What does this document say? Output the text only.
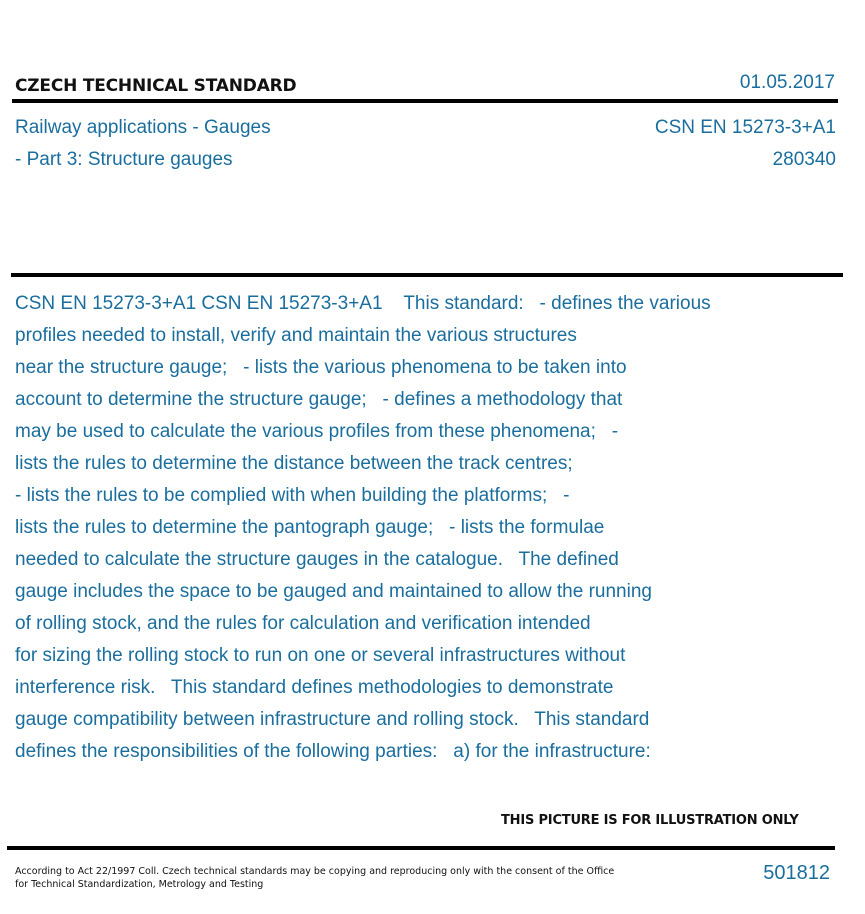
CZECH TECHNICAL STANDARD	01.05.2017
Railway applications - Gauges
- Part 3: Structure gauges
CSN EN 15273-3+A1
280340
CSN EN 15273-3+A1 CSN EN 15273-3+A1    This standard:   - defines the various
profiles needed to install, verify and maintain the various structures
near the structure gauge;   - lists the various phenomena to be taken into
account to determine the structure gauge;   - defines a methodology that
may be used to calculate the various profiles from these phenomena;   -
lists the rules to determine the distance between the track centres;
- lists the rules to be complied with when building the platforms;   -
lists the rules to determine the pantograph gauge;   - lists the formulae
needed to calculate the structure gauges in the catalogue.   The defined
gauge includes the space to be gauged and maintained to allow the running
of rolling stock, and the rules for calculation and verification intended
for sizing the rolling stock to run on one or several infrastructures without
interference risk.   This standard defines methodologies to demonstrate
gauge compatibility between infrastructure and rolling stock.   This standard
defines the responsibilities of the following parties:   a) for the infrastructure:
THIS PICTURE IS FOR ILLUSTRATION ONLY
According to Act 22/1997 Coll. Czech technical standards may be copying and reproducing only with the consent of the Office
for Technical Standardization, Metrology and Testing
501812
